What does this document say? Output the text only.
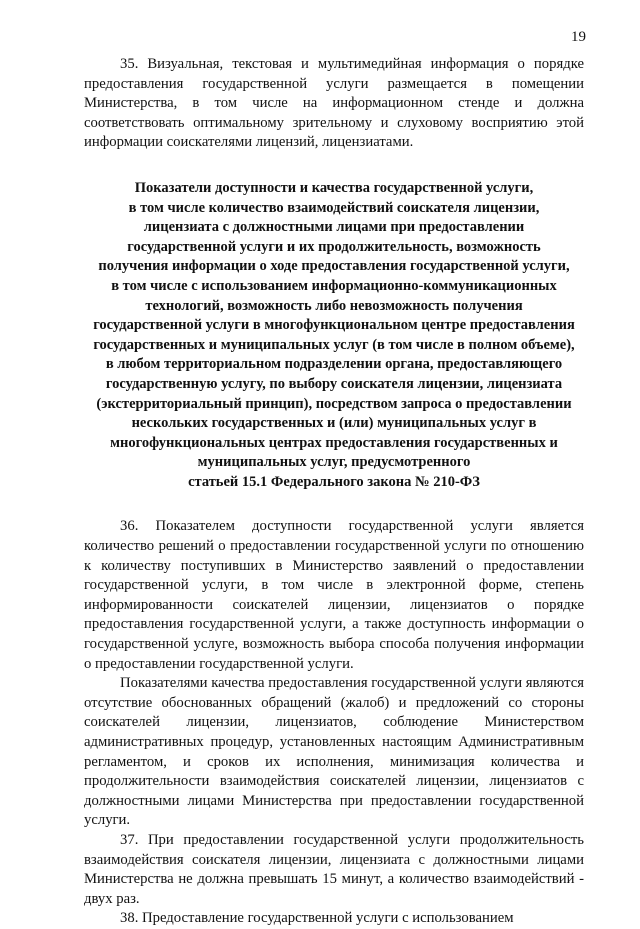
19

35. Визуальная, текстовая и мультимедийная информация о порядке предоставления государственной услуги размещается в помещении Министерства, в том числе на информационном стенде и должна соответствовать оптимальному зрительному и слуховому восприятию этой информации соискателями лицензий, лицензиатами.

Показатели доступности и качества государственной услуги,
в том числе количество взаимодействий соискателя лицензии,
лицензиата с должностными лицами при предоставлении
государственной услуги и их продолжительность, возможность
получения информации о ходе предоставления государственной услуги,
в том числе с использованием информационно-коммуникационных
технологий, возможность либо невозможность получения
государственной услуги в многофункциональном центре предоставления
государственных и муниципальных услуг (в том числе в полном объеме),
в любом территориальном подразделении органа, предоставляющего
государственную услугу, по выбору соискателя лицензии, лицензиата
(экстерриториальный принцип), посредством запроса о предоставлении
нескольких государственных и (или) муниципальных услуг в
многофункциональных центрах предоставления государственных и
муниципальных услуг, предусмотренного
статьей 15.1 Федерального закона № 210-ФЗ

36. Показателем доступности государственной услуги является количество решений о предоставлении государственной услуги по отношению к количеству поступивших в Министерство заявлений о предоставлении государственной услуги, в том числе в электронной форме, степень информированности соискателей лицензии, лицензиатов о порядке предоставления государственной услуги, а также доступность информации о государственной услуге, возможность выбора способа получения информации о предоставлении государственной услуги.

Показателями качества предоставления государственной услуги являются отсутствие обоснованных обращений (жалоб) и предложений со стороны соискателей лицензии, лицензиатов, соблюдение Министерством административных процедур, установленных настоящим Административным регламентом, и сроков их исполнения, минимизация количества и продолжительности взаимодействия соискателей лицензии, лицензиатов с должностными лицами Министерства при предоставлении государственной услуги.

37. При предоставлении государственной услуги продолжительность взаимодействия соискателя лицензии, лицензиата с должностными лицами Министерства не должна превышать 15 минут, а количество взаимодействий - двух раз.

38. Предоставление государственной услуги с использованием
